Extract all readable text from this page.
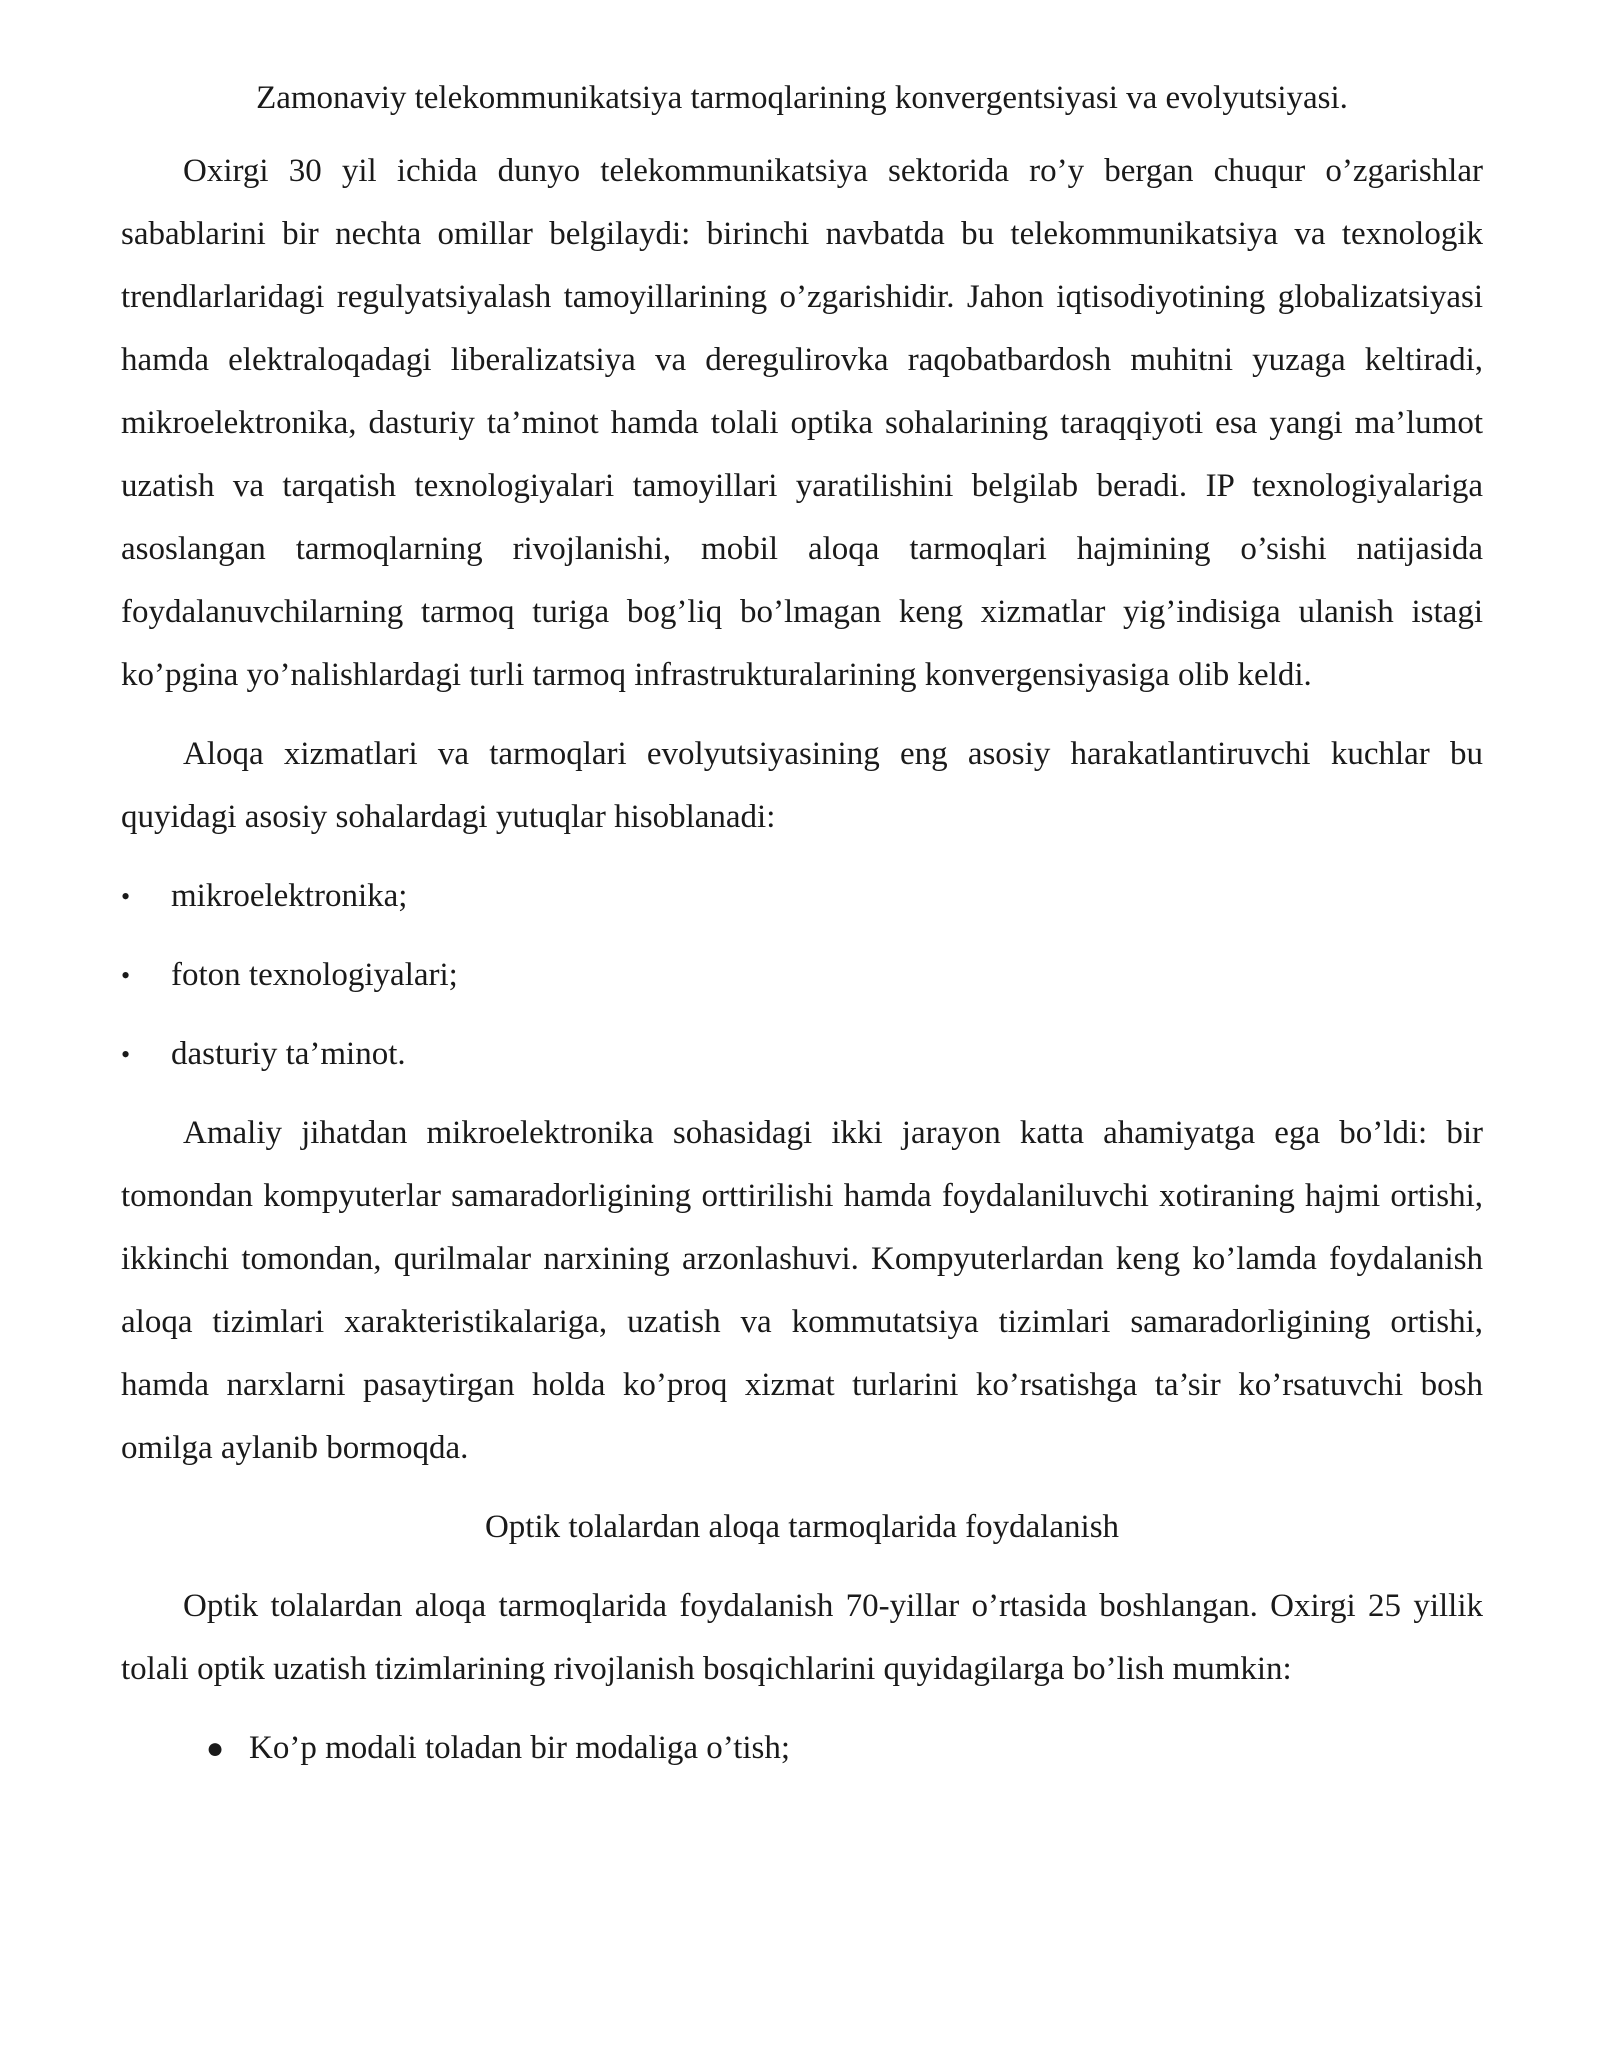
Zamonaviy telekommunikatsiya tarmoqlarining konvergentsiyasi va evolyutsiyasi.

Oxirgi 30 yil ichida dunyo telekommunikatsiya sektorida ro’y bergan chuqur o’zgarishlar sabablarini bir nechta omillar belgilaydi: birinchi navbatda bu telekommunikatsiya va texnologik trendlarlaridagi regulyatsiyalash tamoyillarining o’zgarishidir. Jahon iqtisodiyotining globalizatsiyasi hamda elektraloqadagi liberalizatsiya va deregulirovka raqobatbardosh muhitni yuzaga keltiradi, mikroelektronika, dasturiy ta’minot hamda tolali optika sohalarining taraqqiyoti esa yangi ma’lumot uzatish va tarqatish texnologiyalari tamoyillari yaratilishini belgilab beradi. IP texnologiyalariga asoslangan tarmoqlarning rivojlanishi, mobil aloqa tarmoqlari hajmining o’sishi natijasida foydalanuvchilarning tarmoq turiga bog’liq bo’lmagan keng xizmatlar yig’indisiga ulanish istagi ko’pgina yo’nalishlardagi turli tarmoq infrastrukturalarining konvergensiyasiga olib keldi.

Aloqa xizmatlari va tarmoqlari evolyutsiyasining eng asosiy harakatlantiruvchi kuchlar bu quyidagi asosiy sohalardagi yutuqlar hisoblanadi:

• mikroelektronika;
• foton texnologiyalari;
• dasturiy ta’minot.

Amaliy jihatdan mikroelektronika sohasidagi ikki jarayon katta ahamiyatga ega bo’ldi: bir tomondan kompyuterlar samaradorligining orttirilishi hamda foydalaniluvchi xotiraning hajmi ortishi, ikkinchi tomondan, qurilmalar narxining arzonlashuvi. Kompyuterlardan keng ko’lamda foydalanish aloqa tizimlari xarakteristikalariga, uzatish va kommutatsiya tizimlari samaradorligining ortishi, hamda narxlarni pasaytirgan holda ko’proq xizmat turlarini ko’rsatishga ta’sir ko’rsatuvchi bosh omilga aylanib bormoqda.

Optik tolalardan aloqa tarmoqlarida foydalanish

Optik tolalardan aloqa tarmoqlarida foydalanish 70-yillar o’rtasida boshlangan. Oxirgi 25 yillik tolali optik uzatish tizimlarining rivojlanish bosqichlarini quyidagilarga bo’lish mumkin:

● Ko’p modali toladan bir modaliga o’tish;
